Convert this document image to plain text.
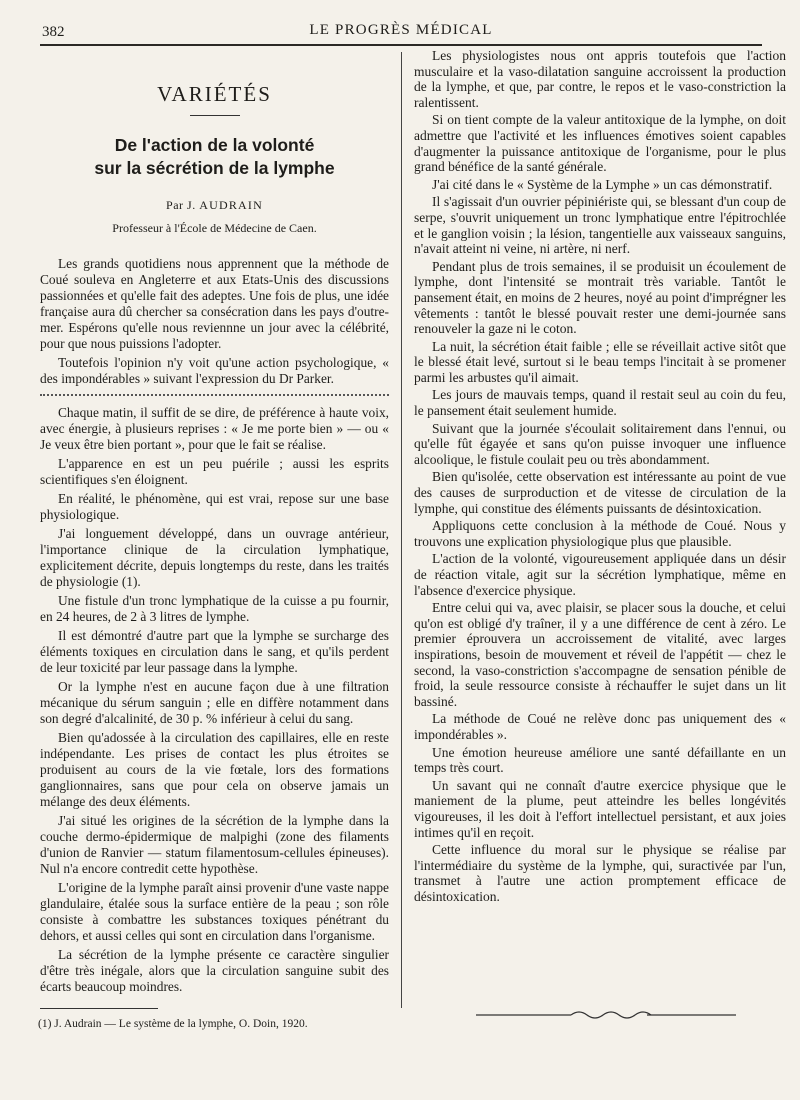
382	LE PROGRÈS MÉDICAL
VARIÉTÉS
De l'action de la volonté
sur la sécrétion de la lymphe
Par J. AUDRAIN
Professeur à l'École de Médecine de Caen.

Les grands quotidiens nous apprennent que la méthode de Coué souleva en Angleterre et aux Etats-Unis des discussions passionnées et qu'elle fait des adeptes. Une fois de plus, une idée française aura dû chercher sa consécration dans les pays d'outre-mer. Espérons qu'elle nous reviennne un jour avec la célébrité, pour que nous puissions l'adopter.

Toutefois l'opinion n'y voit qu'une action psychologique, « des impondérables » suivant l'expression du Dr Parker.

Chaque matin, il suffit de se dire, de préférence à haute voix, avec énergie, à plusieurs reprises : « Je me porte bien » — ou « Je veux être bien portant », pour que le fait se réalise.

L'apparence en est un peu puérile ; aussi les esprits scientifiques s'en éloignent.

En réalité, le phénomène, qui est vrai, repose sur une base physiologique.

J'ai longuement développé, dans un ouvrage antérieur, l'importance clinique de la circulation lymphatique, explicitement décrite, depuis longtemps du reste, dans les traités de physiologie (1).

Une fistule d'un tronc lymphatique de la cuisse a pu fournir, en 24 heures, de 2 à 3 litres de lymphe.

Il est démontré d'autre part que la lymphe se surcharge des éléments toxiques en circulation dans le sang, et qu'ils perdent de leur toxicité par leur passage dans la lymphe.

Or la lymphe n'est en aucune façon due à une filtration mécanique du sérum sanguin ; elle en diffère notamment dans son degré d'alcalinité, de 30 p. % inférieur à celui du sang.

Bien qu'adossée à la circulation des capillaires, elle en reste indépendante. Les prises de contact les plus étroites se produisent au cours de la vie fœtale, lors des formations ganglionnaires, sans que pour cela on observe jamais un mélange des deux éléments.

J'ai situé les origines de la sécrétion de la lymphe dans la couche dermo-épidermique de malpighi (zone des filaments d'union de Ranvier — statum filamentosum-cellules épineuses). Nul n'a encore contredit cette hypothèse.

L'origine de la lymphe paraît ainsi provenir d'une vaste nappe glandulaire, étalée sous la surface entière de la peau ; son rôle consiste à combattre les substances toxiques pénétrant du dehors, et aussi celles qui sont en circulation dans l'organisme.

La sécrétion de la lymphe présente ce caractère singulier d'être très inégale, alors que la circulation sanguine subit des écarts beaucoup moindres.

Les physiologistes nous ont appris toutefois que l'action musculaire et la vaso-dilatation sanguine accroissent la production de la lymphe, et que, par contre, le repos et le vaso-constriction la ralentissent.

Si on tient compte de la valeur antitoxique de la lymphe, on doit admettre que l'activité et les influences émotives soient capables d'augmenter la puissance antitoxique de l'organisme, pour le plus grand bénéfice de la santé générale.

J'ai cité dans le « Système de la Lymphe » un cas démonstratif.

Il s'agissait d'un ouvrier pépiniériste qui, se blessant d'un coup de serpe, s'ouvrit uniquement un tronc lymphatique entre l'épitrochlée et le ganglion voisin ; la lésion, tangentielle aux vaisseaux sanguins, n'avait atteint ni veine, ni artère, ni nerf.

Pendant plus de trois semaines, il se produisit un écoulement de lymphe, dont l'intensité se montrait très variable. Tantôt le pansement était, en moins de 2 heures, noyé au point d'imprégner les vêtements : tantôt le blessé pouvait rester une demi-journée sans renouveler la gaze ni le coton.

La nuit, la sécrétion était faible ; elle se réveillait active sitôt que le blessé était levé, surtout si le beau temps l'incitait à se promener parmi les arbustes qu'il aimait.

Les jours de mauvais temps, quand il restait seul au coin du feu, le pansement était seulement humide.

Suivant que la journée s'écoulait solitairement dans l'ennui, ou qu'elle fût égayée et sans qu'on puisse invoquer une influence alcoolique, le fistule coulait peu ou très abondamment.

Bien qu'isolée, cette observation est intéressante au point de vue des causes de surproduction et de vitesse de circulation de la lymphe, qui constitue des éléments puissants de désintoxication.

Appliquons cette conclusion à la méthode de Coué. Nous y trouvons une explication physiologique plus que plausible.

L'action de la volonté, vigoureusement appliquée dans un désir de réaction vitale, agit sur la sécrétion lymphatique, même en l'absence d'exercice physique.

Entre celui qui va, avec plaisir, se placer sous la douche, et celui qu'on est obligé d'y traîner, il y a une différence de cent à zéro. Le premier éprouvera un accroissement de vitalité, avec larges inspirations, besoin de mouvement et réveil de l'appétit — chez le second, la vaso-constriction s'accompagne de sensation pénible de froid, la seule ressource consiste à réchauffer le sujet dans un lit bassiné.

La méthode de Coué ne relève donc pas uniquement des « impondérables ».

Une émotion heureuse améliore une santé défaillante en un temps très court.

Un savant qui ne connaît d'autre exercice physique que le maniement de la plume, peut atteindre les belles longévités vigoureuses, il les doit à l'effort intellectuel persistant, et aux joies intimes qu'il en reçoit.

Cette influence du moral sur le physique se réalise par l'intermédiaire du système de la lymphe, qui, suractivée par l'un, transmet à l'autre une action promptement efficace de désintoxication.

(1) J. Audrain — Le système de la lymphe, O. Doin, 1920.
